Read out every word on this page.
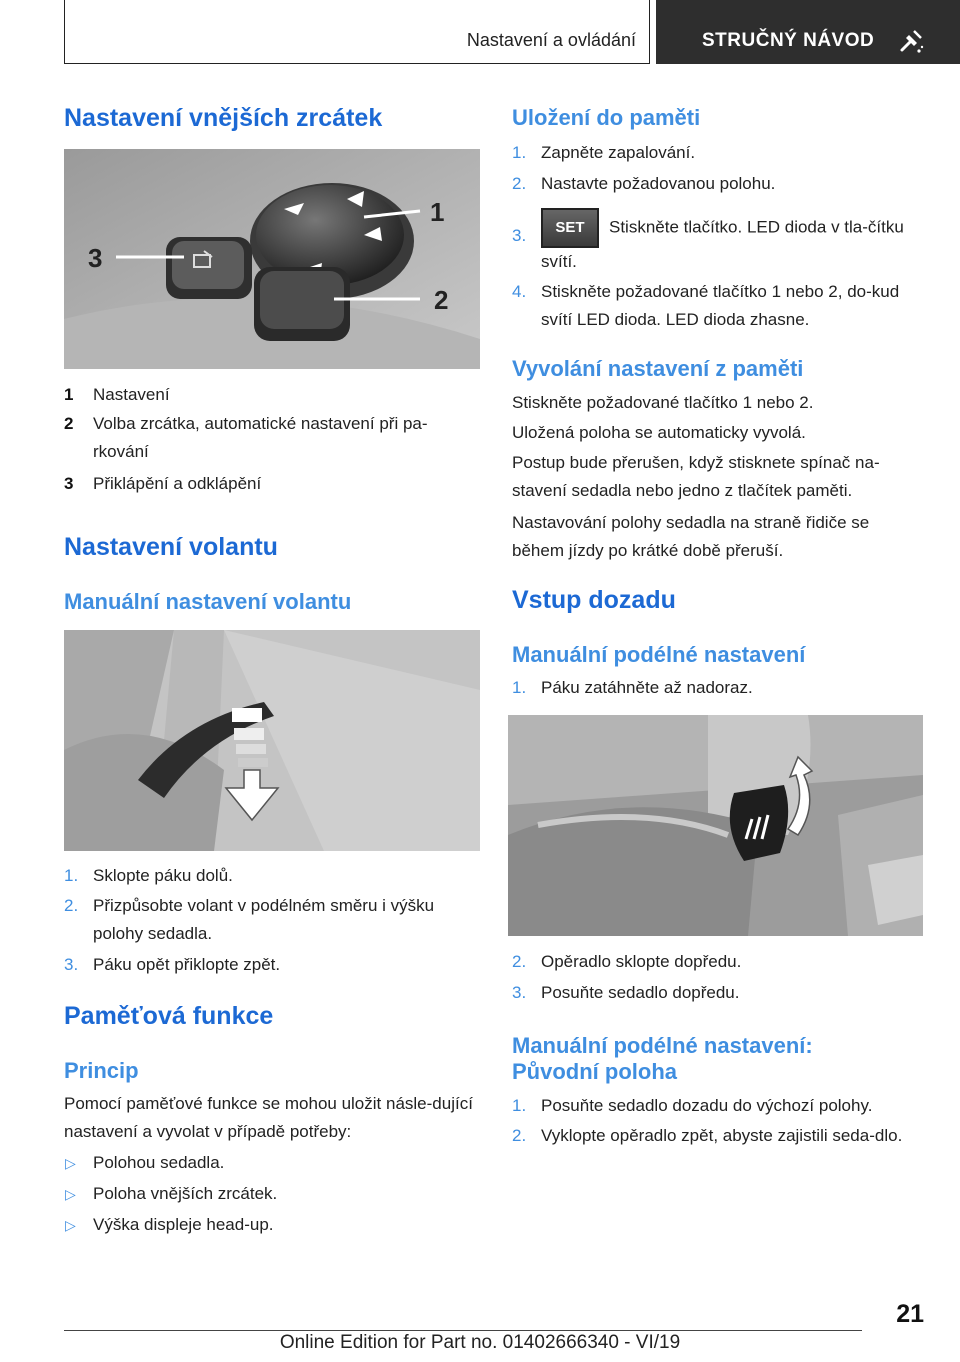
Nastavení a ovládání	STRUČNÝ NÁVOD
Nastavení vnějších zrcátek
1
2
3
1 Nastavení
2 Volba zrcátka, automatické nastavení při pa‐rkování
3 Přiklápění a odklápění
Nastavení volantu
Manuální nastavení volantu
1. Sklopte páku dolů.
2. Přizpůsobte volant v podélném směru i výšku polohy sedadla.
3. Páku opět přiklopte zpět.
Paměťová funkce
Princip

Pomocí paměťové funkce se mohou uložit násle‐dující nastavení a vyvolat v případě potřeby:

▷ Polohou sedadla.
▷ Poloha vnějších zrcátek.
▷ Výška displeje head-up.
Uložení do paměti
1. Zapněte zapalování.
2. Nastavte požadovanou polohu.
3.	SET Stiskněte tlačítko. LED dioda v tla‐čítku svítí.
4. Stiskněte požadované tlačítko 1 nebo 2, do‐kud svítí LED dioda. LED dioda zhasne.
Vyvolání nastavení z paměti

Stiskněte požadované tlačítko 1 nebo 2.

Uložená poloha se automaticky vyvolá.

Postup bude přerušen, když stisknete spínač na‐stavení sedadla nebo jedno z tlačítek paměti.

Nastavování polohy sedadla na straně řidiče se během jízdy po krátké době přeruší.

Vstup dozadu
Manuální podélné nastavení
1. Páku zatáhněte až nadoraz.
2. Opěradlo sklopte dopředu.
3. Posuňte sedadlo dopředu.
Manuální podélné nastavení:
Původní poloha
1. Posuňte sedadlo dozadu do výchozí polohy.
2. Vyklopte opěradlo zpět, abyste zajistili seda‐dlo.
21
Online Edition for Part no. 01402666340 - VI/19
